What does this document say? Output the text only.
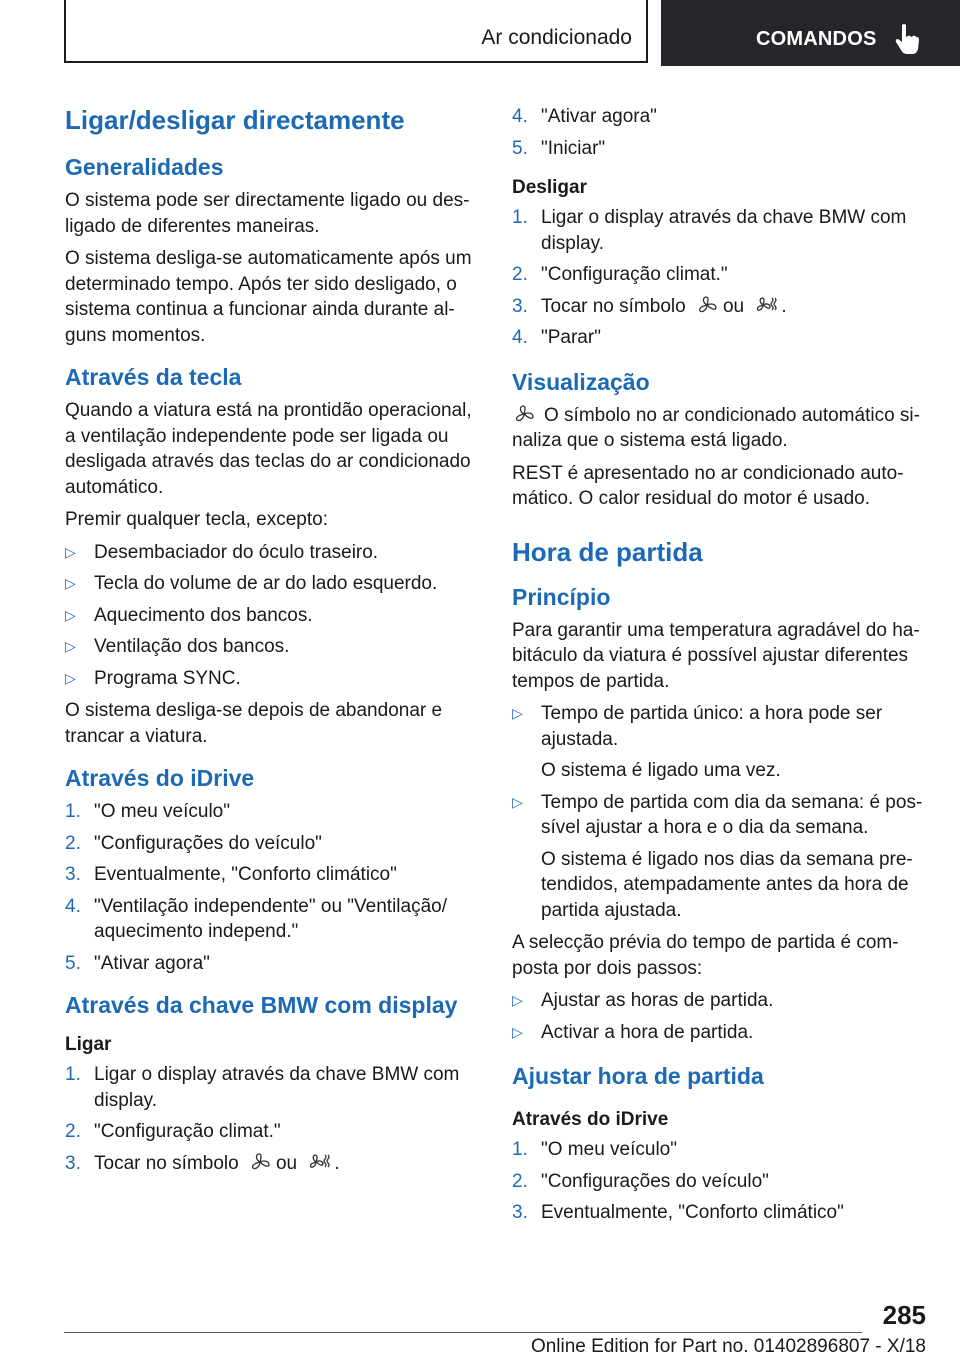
Ar condicionado	COMANDOS
Ligar/desligar directamente
Generalidades

O sistema pode ser directamente ligado ou des-ligado de diferentes maneiras.

O sistema desliga-se automaticamente após um determinado tempo. Após ter sido desligado, o sistema continua a funcionar ainda durante al-guns momentos.

Através da tecla

Quando a viatura está na prontidão operacional, a ventilação independente pode ser ligada ou desligada através das teclas do ar condicionado automático.

Premir qualquer tecla, excepto:

▷ Desembaciador do óculo traseiro.
▷ Tecla do volume de ar do lado esquerdo.
▷ Aquecimento dos bancos.
▷ Ventilação dos bancos.
▷ Programa SYNC.

O sistema desliga-se depois de abandonar e trancar a viatura.

Através do iDrive
1. "O meu veículo"
2. "Configurações do veículo"
3. Eventualmente, "Conforto climático"
4. "Ventilação independente" ou "Ventilação/ aquecimento independ."
5. "Ativar agora"
Através da chave BMW com display
Ligar
1. Ligar o display através da chave BMW com display.
2. "Configuração climat."
3. Tocar no símbolo ou .
4. "Ativar agora"
5. "Iniciar"
Desligar
1. Ligar o display através da chave BMW com display.
2. "Configuração climat."
3. Tocar no símbolo ou .
4. "Parar"
Visualização

O símbolo no ar condicionado automático si-naliza que o sistema está ligado.

REST é apresentado no ar condicionado auto-mático. O calor residual do motor é usado.

Hora de partida
Princípio

Para garantir uma temperatura agradável do ha-bitáculo da viatura é possível ajustar diferentes tempos de partida.

▷ Tempo de partida único: a hora pode ser ajustada.
O sistema é ligado uma vez.
▷ Tempo de partida com dia da semana: é pos-sível ajustar a hora e o dia da semana.
O sistema é ligado nos dias da semana pre-tendidos, atempadamente antes da hora de partida ajustada.

A selecção prévia do tempo de partida é com-posta por dois passos:

▷ Ajustar as horas de partida.
▷ Activar a hora de partida.
Ajustar hora de partida
Através do iDrive
1. "O meu veículo"
2. "Configurações do veículo"
3. Eventualmente, "Conforto climático"
285
Online Edition for Part no. 01402896807 - X/18
